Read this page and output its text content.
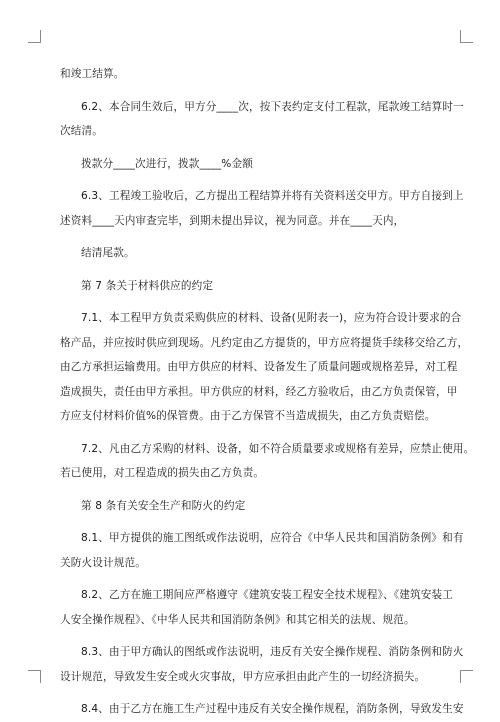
和竣工结算。

6.2、本合同生效后，甲方分____次，按下表约定支付工程款，尾款竣工结算时一

次结清。

拨款分____次进行，拨款____%金额

6.3、工程竣工验收后，乙方提出工程结算并将有关资料送交甲方。甲方自接到上

述资料____天内审查完毕，到期未提出异议，视为同意。并在____天内，

结清尾款。

第 7 条关于材料供应的约定

7.1、本工程甲方负责采购供应的材料、设备(见附表一)，应为符合设计要求的合

格产品，并应按时供应到现场。凡约定由乙方提货的，甲方应将提货手续移交给乙方，

由乙方承担运输费用。由甲方供应的材料、设备发生了质量问题或规格差异，对工程

造成损失，责任由甲方承担。甲方供应的材料，经乙方验收后，由乙方负责保管，甲

方应支付材料价值%的保管费。由于乙方保管不当造成损失，由乙方负责赔偿。

7.2、凡由乙方采购的材料、设备，如不符合质量要求或规格有差异，应禁止使用。

若已使用，对工程造成的损失由乙方负责。

第 8 条有关安全生产和防火的约定

8.1、甲方提供的施工图纸或作法说明，应符合《中华人民共和国消防条例》和有

关防火设计规范。

8.2、乙方在施工期间应严格遵守《建筑安装工程安全技术规程》、《建筑安装工

人安全操作规程》、《中华人民共和国消防条例》和其它相关的法规、规范。

8.3、由于甲方确认的图纸或作法说明，违反有关安全操作规程、消防条例和防火

设计规范，导致发生安全或火灾事故，甲方应承担由此产生的一切经济损失。

8.4、由于乙方在施工生产过程中违反有关安全操作规程，消防条例，导致发生安
